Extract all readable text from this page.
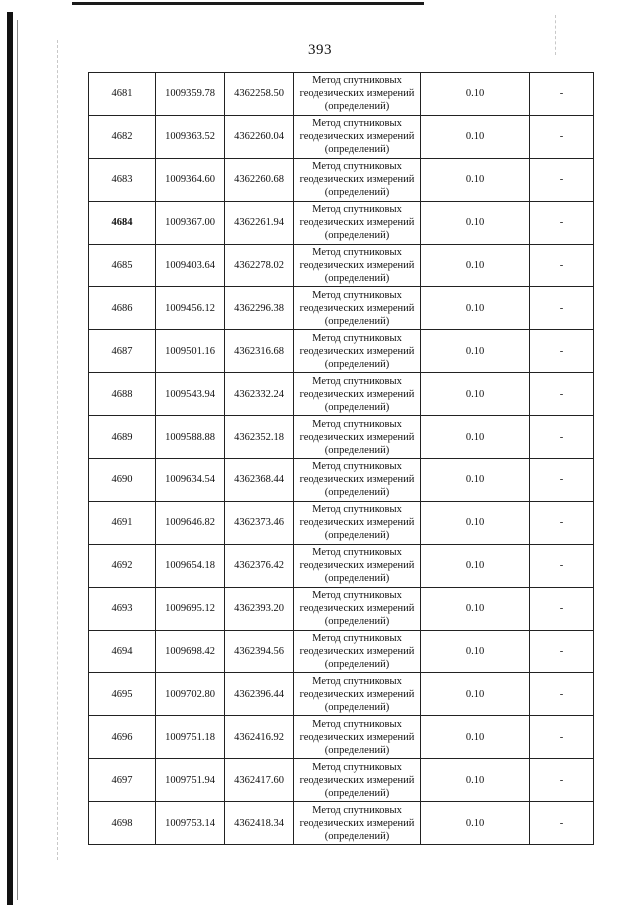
393
4681	1009359.78	4362258.50	Метод спутниковых
геодезических измерений
(определений)	0.10	-
4682	1009363.52	4362260.04	Метод спутниковых
геодезических измерений
(определений)	0.10	-
4683	1009364.60	4362260.68	Метод спутниковых
геодезических измерений
(определений)	0.10	-
4684	1009367.00	4362261.94	Метод спутниковых
геодезических измерений
(определений)	0.10	-
4685	1009403.64	4362278.02	Метод спутниковых
геодезических измерений
(определений)	0.10	-
4686	1009456.12	4362296.38	Метод спутниковых
геодезических измерений
(определений)	0.10	-
4687	1009501.16	4362316.68	Метод спутниковых
геодезических измерений
(определений)	0.10	-
4688	1009543.94	4362332.24	Метод спутниковых
геодезических измерений
(определений)	0.10	-
4689	1009588.88	4362352.18	Метод спутниковых
геодезических измерений
(определений)	0.10	-
4690	1009634.54	4362368.44	Метод спутниковых
геодезических измерений
(определений)	0.10	-
4691	1009646.82	4362373.46	Метод спутниковых
геодезических измерений
(определений)	0.10	-
4692	1009654.18	4362376.42	Метод спутниковых
геодезических измерений
(определений)	0.10	-
4693	1009695.12	4362393.20	Метод спутниковых
геодезических измерений
(определений)	0.10	-
4694	1009698.42	4362394.56	Метод спутниковых
геодезических измерений
(определений)	0.10	-
4695	1009702.80	4362396.44	Метод спутниковых
геодезических измерений
(определений)	0.10	-
4696	1009751.18	4362416.92	Метод спутниковых
геодезических измерений
(определений)	0.10	-
4697	1009751.94	4362417.60	Метод спутниковых
геодезических измерений
(определений)	0.10	-
4698	1009753.14	4362418.34	Метод спутниковых
геодезических измерений
(определений)	0.10	-
